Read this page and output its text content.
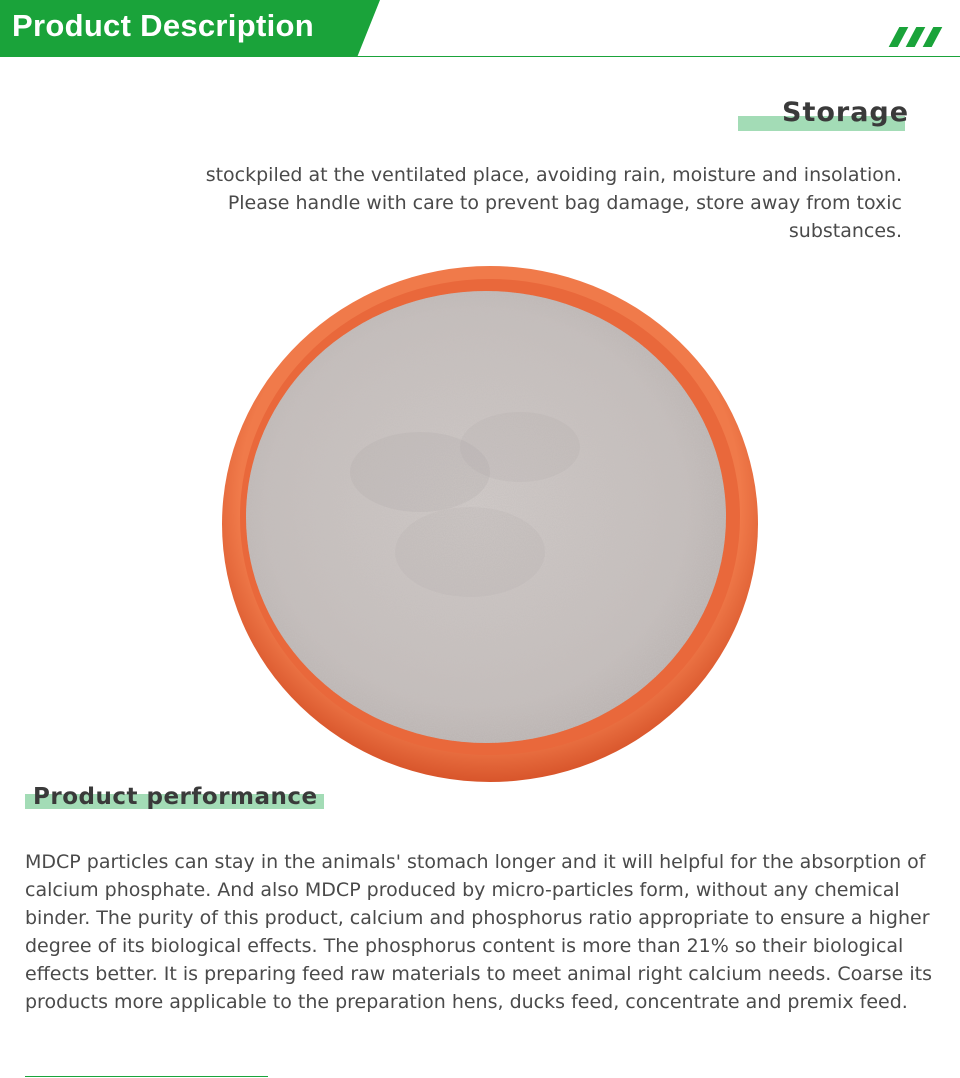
Product Description
Storage

stockpiled at the ventilated place, avoiding rain, moisture and insolation. Please handle with care to prevent bag damage, store away from toxic substances.

Product performance

MDCP particles can stay in the animals' stomach longer and it will helpful for the absorption of calcium phosphate. And also MDCP produced by micro-particles form, without any chemical binder. The purity of this product, calcium and phosphorus ratio appropriate to ensure a higher degree of its biological effects. The phosphorus content is more than 21% so their biological effects better. It is preparing feed raw materials to meet animal right calcium needs. Coarse its products more applicable to the preparation hens, ducks feed, concentrate and premix feed.
